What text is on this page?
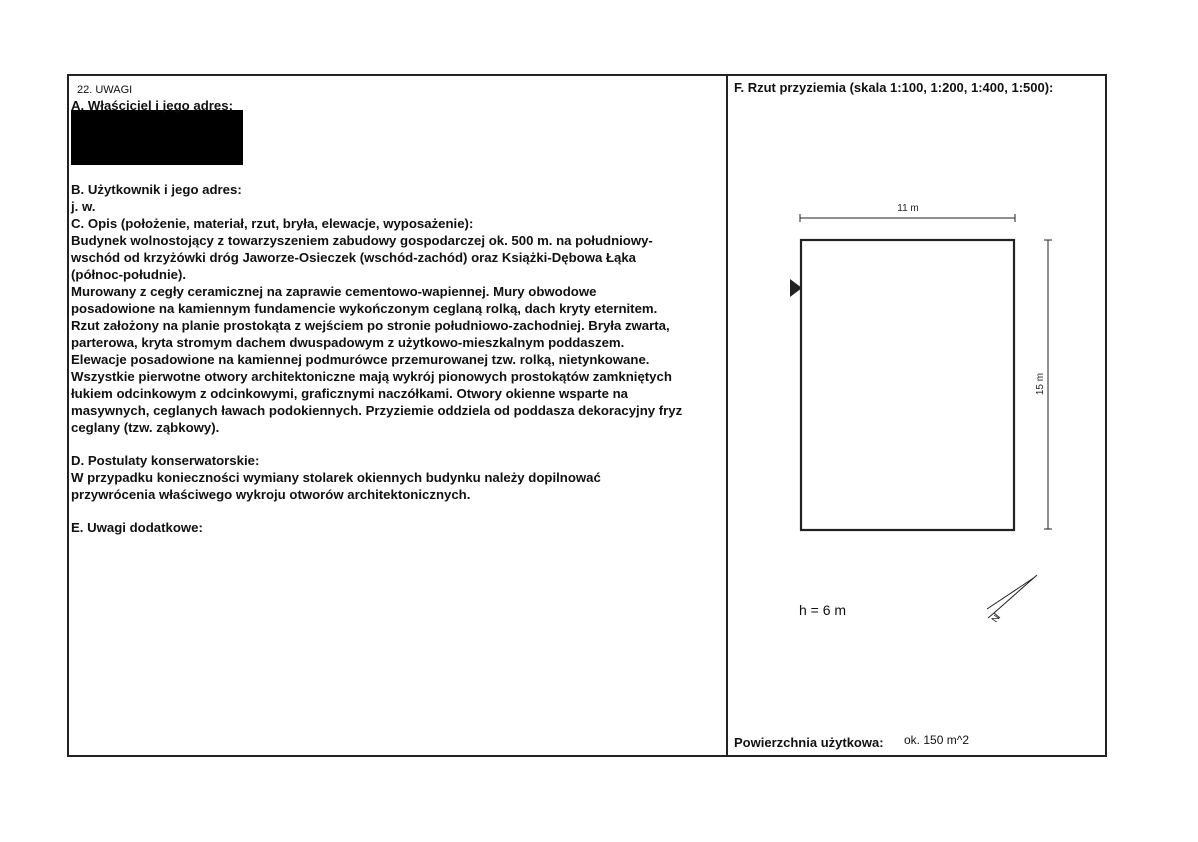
22. UWAGI

A. Właściciel i jego adres:

B. Użytkownik i jego adres:

j. w.

C. Opis (położenie, materiał, rzut, bryła, elewacje, wyposażenie):

Budynek wolnostojący z towarzyszeniem zabudowy gospodarczej ok. 500 m. na południowy-
wschód od krzyżówki dróg Jaworze-Osieczek (wschód-zachód) oraz Książki-Dębowa Łąka
(północ-południe).

Murowany z cegły ceramicznej na zaprawie cementowo-wapiennej. Mury obwodowe
posadowione na kamiennym fundamencie wykończonym ceglaną rolką, dach kryty eternitem.
Rzut założony na planie prostokąta z wejściem po stronie południowo-zachodniej. Bryła zwarta,
parterowa, kryta stromym dachem dwuspadowym z użytkowo-mieszkalnym poddaszem.
Elewacje posadowione na kamiennej podmurówce przemurowanej tzw. rolką, nietynkowane.
Wszystkie pierwotne otwory architektoniczne mają wykrój pionowych prostokątów zamkniętych
łukiem odcinkowym z odcinkowymi, graficznymi naczółkami. Otwory okienne wsparte na
masywnych, ceglanych ławach podokiennych. Przyziemie oddziela od poddasza dekoracyjny fryz
ceglany (tzw. ząbkowy).

D. Postulaty konserwatorskie:

W przypadku konieczności wymiany stolarek okiennych budynku należy dopilnować
przywrócenia właściwego wykroju otworów architektonicznych.

E. Uwagi dodatkowe:

F. Rzut przyziemia (skala 1:100, 1:200, 1:400, 1:500):
11 m
15 m
N
h = 6 m
Powierzchnia użytkowa: ok. 150 m^2
